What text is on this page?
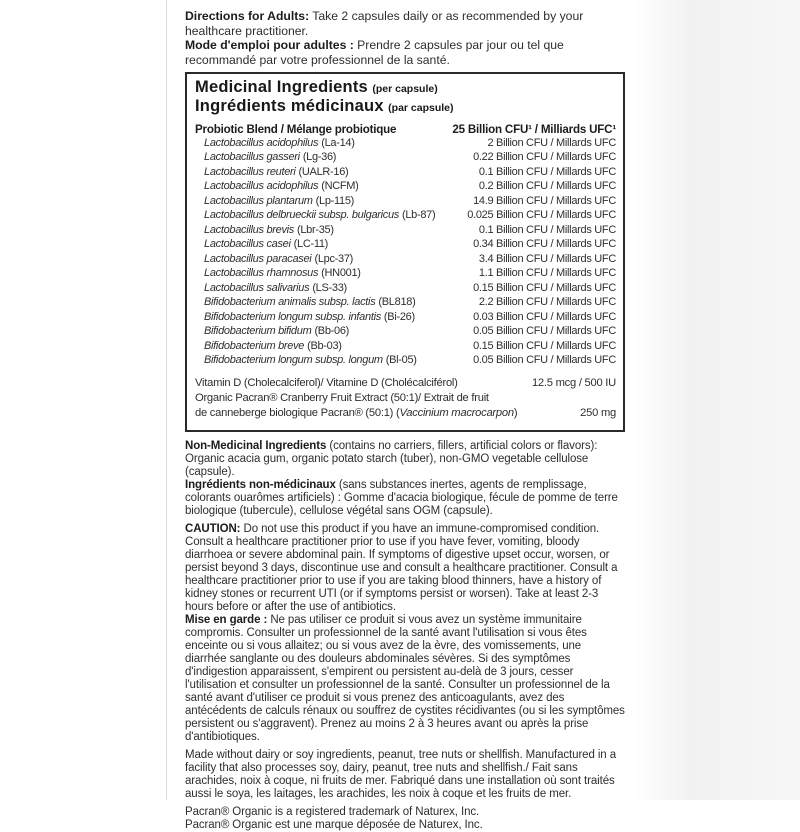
Directions for Adults: Take 2 capsules daily or as recommended by your healthcare practitioner.

Mode d'emploi pour adultes : Prendre 2 capsules par jour ou tel que recommandé par votre professionnel de la santé.

Medicinal Ingredients (per capsule)
Ingrédients médicinaux (par capsule)
Probiotic Blend / Mélange probiotique	25 Billion CFU¹ / Milliards UFC¹
Lactobacillus acidophilus (La-14)	2 Billion CFU / Millards UFC
Lactobacillus gasseri (Lg-36)	0.22 Billion CFU / Millards UFC
Lactobacillus reuteri (UALR-16)	0.1 Billion CFU / Millards UFC
Lactobacillus acidophilus (NCFM)	0.2 Billion CFU / Millards UFC
Lactobacillus plantarum (Lp-115)	14.9 Billion CFU / Millards UFC
Lactobacillus delbrueckii subsp. bulgaricus (Lb-87)	0.025 Billion CFU / Millards UFC
Lactobacillus brevis (Lbr-35)	0.1 Billion CFU / Millards UFC
Lactobacillus casei (LC-11)	0.34 Billion CFU / Millards UFC
Lactobacillus paracasei (Lpc-37)	3.4 Billion CFU / Millards UFC
Lactobacillus rhamnosus (HN001)	1.1 Billion CFU / Millards UFC
Lactobacillus salivarius (LS-33)	0.15 Billion CFU / Millards UFC
Bifidobacterium animalis subsp. lactis (BL818)	2.2 Billion CFU / Millards UFC
Bifidobacterium longum subsp. infantis (Bi-26)	0.03 Billion CFU / Millards UFC
Bifidobacterium bifidum (Bb-06)	0.05 Billion CFU / Millards UFC
Bifidobacterium breve (Bb-03)	0.15 Billion CFU / Millards UFC
Bifidobacterium longum subsp. longum (Bl-05)	0.05 Billion CFU / Millards UFC
Vitamin D (Cholecalciferol)/ Vitamine D (Cholécalciférol)	12.5 mcg / 500 IU
Organic Pacran® Cranberry Fruit Extract (50:1)/ Extrait de fruit
de canneberge biologique Pacran® (50:1) (Vaccinium macrocarpon)	250 mg

Non-Medicinal Ingredients (contains no carriers, fillers, artificial colors or flavors): Organic acacia gum, organic potato starch (tuber), non-GMO vegetable cellulose (capsule).

Ingrédients non-médicinaux (sans substances inertes, agents de remplissage, colorants ouarômes artificiels) : Gomme d'acacia biologique, fécule de pomme de terre biologique (tubercule), cellulose végétal sans OGM (capsule).

CAUTION: Do not use this product if you have an immune-compromised condition. Consult a healthcare practitioner prior to use if you have fever, vomiting, bloody diarrhoea or severe abdominal pain. If symptoms of digestive upset occur, worsen, or persist beyond 3 days, discontinue use and consult a healthcare practitioner. Consult a healthcare practitioner prior to use if you are taking blood thinners, have a history of kidney stones or recurrent UTI (or if symptoms persist or worsen). Take at least 2-3 hours before or after the use of antibiotics.

Mise en garde : Ne pas utiliser ce produit si vous avez un système immunitaire compromis. Consulter un professionnel de la santé avant l'utilisation si vous êtes enceinte ou si vous allaitez; ou si vous avez de la èvre, des vomissements, une diarrhée sanglante ou des douleurs abdominales sévères. Si des symptômes d'indigestion apparaissent, s'empirent ou persistent au-delà de 3 jours, cesser l'utilisation et consulter un professionnel de la santé. Consulter un professionnel de la santé avant d'utiliser ce produit si vous prenez des anticoagulants, avez des antécédents de calculs rénaux ou souffrez de cystites récidivantes (ou si les symptômes persistent ou s'aggravent). Prenez au moins 2 à 3 heures avant ou après la prise d'antibiotiques.

Made without dairy or soy ingredients, peanut, tree nuts or shellfish. Manufactured in a facility that also processes soy, dairy, peanut, tree nuts and shellfish./ Fait sans arachides, noix à coque, ni fruits de mer. Fabriqué dans une installation où sont traités aussi le soya, les laitages, les arachides, les noix à coque et les fruits de mer.

Pacran® Organic is a registered trademark of Naturex, Inc.

Pacran® Organic est une marque déposée de Naturex, Inc.
